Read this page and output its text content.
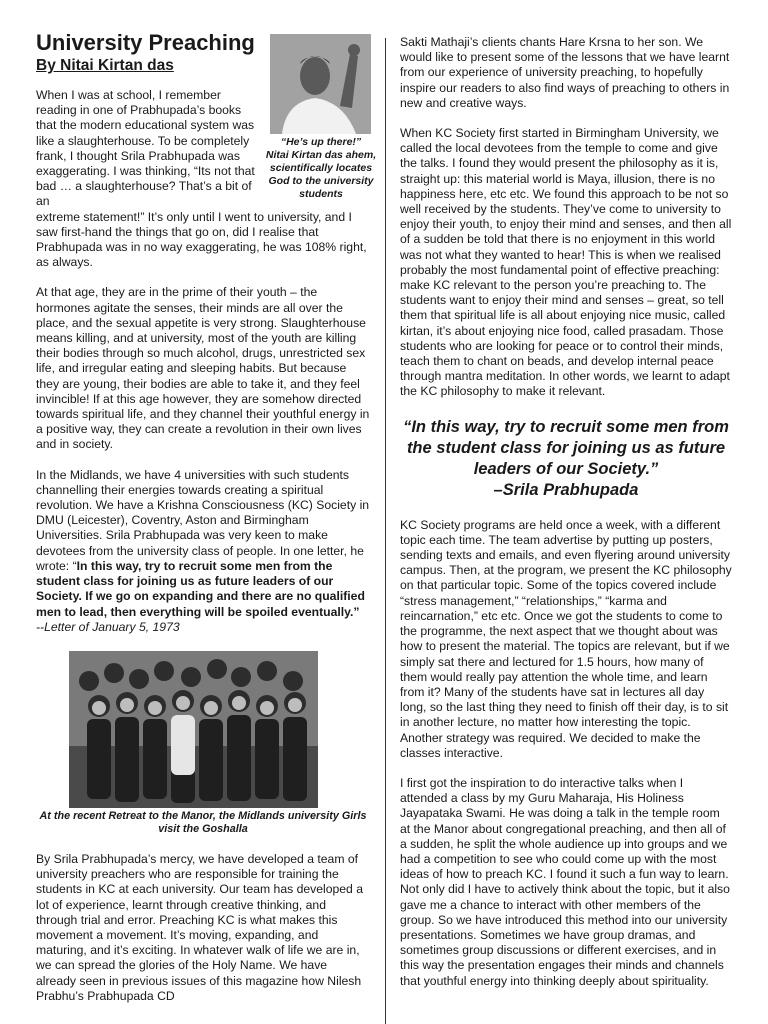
University Preaching
By Nitai Kirtan das

When I was at school, I remember reading in one of Prabhupada’s books that the modern educational system was like a slaughterhouse. To be completely frank, I thought Srila Prabhupada was exaggerating. I was thinking, “Its not that bad … a slaughterhouse? That’s a bit of an

extreme statement!” It’s only until I went to university, and I saw first-hand the things that go on, did I realise that Prabhupada was in no way exaggerating, he was 108% right, as always.

At that age, they are in the prime of their youth – the hormones agitate the senses, their minds are all over the place, and the sexual appetite is very strong. Slaughterhouse means killing, and at university, most of the youth are killing their bodies through so much alcohol, drugs, unrestricted sex life, and irregular eating and sleeping habits. But because they are young, their bodies are able to take it, and they feel invincible! If at this age however, they are somehow directed towards spiritual life, and they channel their youthful energy in a positive way, they can create a revolution in their own lives and in society.

In the Midlands, we have 4 universities with such students channelling their energies towards creating a spiritual revolution. We have a Krishna Consciousness (KC) Society in DMU (Leicester), Coventry, Aston and Birmingham Universities. Srila Prabhupada was very keen to make devotees from the university class of people. In one letter, he wrote: “In this way, try to recruit some men from the student class for joining us as future leaders of our Society. If we go on expanding and there are no qualified men to lead, then everything will be spoiled eventually.”

--Letter of January 5, 1973

At the recent Retreat to the Manor, the Midlands university Girls visit the Goshalla

By Srila Prabhupada’s mercy, we have developed a team of university preachers who are responsible for training the students in KC at each university. Our team has developed a lot of experience, learnt through creative thinking, and through trial and error. Preaching KC is what makes this movement a movement. It’s moving, expanding, and maturing, and it’s exciting. In whatever walk of life we are in, we can spread the glories of the Holy Name. We have already seen in previous issues of this magazine how Nilesh Prabhu’s Prabhupada CD

“He’s up there!”
Nitai Kirtan das ahem, scientifically locates God to the university students

Sakti Mathaji’s clients chants Hare Krsna to her son. We would like to present some of the lessons that we have learnt from our experience of university preaching, to hopefully inspire our readers to also find ways of preaching to others in new and creative ways.

When KC Society first started in Birmingham University, we called the local devotees from the temple to come and give the talks. I found they would present the philosophy as it is, straight up: this material world is Maya, illusion, there is no happiness here, etc etc. We found this approach to be not so well received by the students. They’ve come to university to enjoy their youth, to enjoy their mind and senses, and then all of a sudden be told that there is no enjoyment in this world was not what they wanted to hear! This is when we realised probably the most fundamental point of effective preaching: make KC relevant to the person you’re preaching to. The students want to enjoy their mind and senses – great, so tell them that spiritual life is all about enjoying nice music, called kirtan, it’s about enjoying nice food, called prasadam. Those students who are looking for peace or to control their minds, teach them to chant on beads, and develop internal peace through mantra meditation. In other words, we learnt to adapt the KC philosophy to make it relevant.

“In this way, try to recruit some men from the student class for joining us as future leaders of our Society.”
–Srila Prabhupada

KC Society programs are held once a week, with a different topic each time. The team advertise by putting up posters, sending texts and emails, and even flyering around university campus. Then, at the program, we present the KC philosophy on that particular topic. Some of the topics covered include “stress management,” “relationships,” “karma and reincarnation,” etc etc. Once we got the students to come to the programme, the next aspect that we thought about was how to present the material. The topics are relevant, but if we simply sat there and lectured for 1.5 hours, how many of them would really pay attention the whole time, and learn from it? Many of the students have sat in lectures all day long, so the last thing they need to finish off their day, is to sit in another lecture, no matter how interesting the topic. Another strategy was required. We decided to make the classes interactive.

I first got the inspiration to do interactive talks when I attended a class by my Guru Maharaja, His Holiness Jayapataka Swami. He was doing a talk in the temple room at the Manor about congregational preaching, and then all of a sudden, he split the whole audience up into groups and we had a competition to see who could come up with the most ideas of how to preach KC. I found it such a fun way to learn. Not only did I have to actively think about the topic, but it also gave me a chance to interact with other members of the group. So we have introduced this method into our university presentations. Sometimes we have group dramas, and sometimes group discussions or different exercises, and in this way the presentation engages their minds and channels that youthful energy into thinking deeply about spirituality.
